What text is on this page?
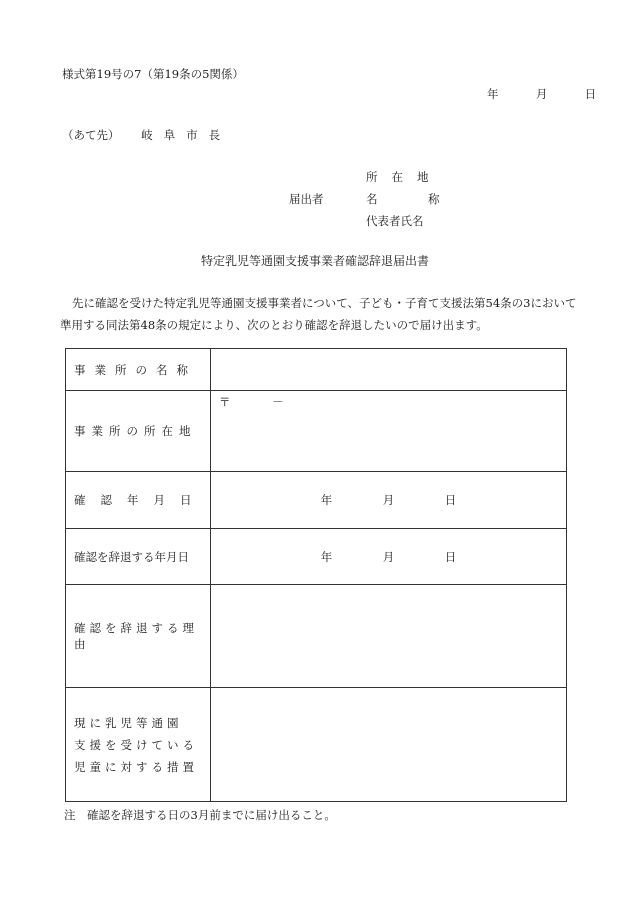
様式第19号の7（第19条の5関係）
年	月	日
（あて先） 岐阜市長
届出者
所在地
名	称
代表者氏名
特定乳児等通園支援事業者確認辞退届出書
先に確認を受けた特定乳児等通園支援事業者について、子ども・子育て支援法第54条の3において準用する同法第48条の規定により、次のとおり確認を辞退したいので届け出ます。
事業所の名称	
事業所の所在地	〒 －

確認年月日	年 月 日

確認を辞退する年月日	年 月 日

確認を辞退する理由	

現に乳児等通園
支援を受けている
児童に対する措置	

注　確認を辞退する日の3月前までに届け出ること。
